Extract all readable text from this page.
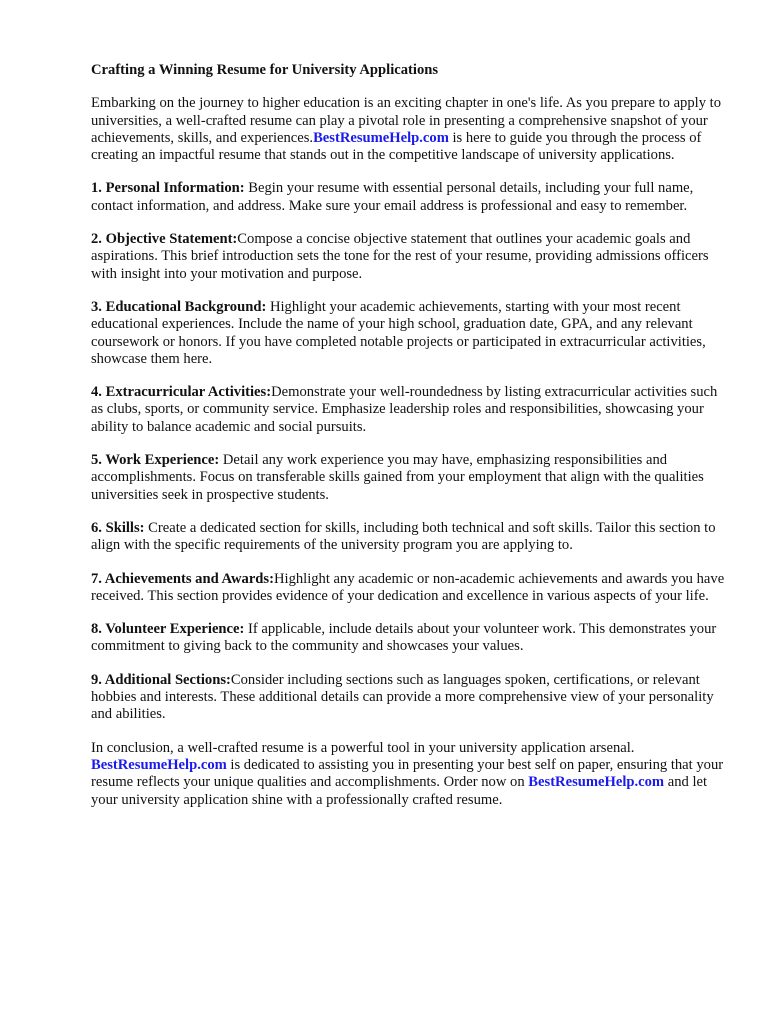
Crafting a Winning Resume for University Applications

Embarking on the journey to higher education is an exciting chapter in one's life. As you prepare to apply to universities, a well-crafted resume can play a pivotal role in presenting a comprehensive snapshot of your achievements, skills, and experiences.BestResumeHelp.com is here to guide you through the process of creating an impactful resume that stands out in the competitive landscape of university applications.

1. Personal Information: Begin your resume with essential personal details, including your full name, contact information, and address. Make sure your email address is professional and easy to remember.

2. Objective Statement:Compose a concise objective statement that outlines your academic goals and aspirations. This brief introduction sets the tone for the rest of your resume, providing admissions officers with insight into your motivation and purpose.

3. Educational Background: Highlight your academic achievements, starting with your most recent educational experiences. Include the name of your high school, graduation date, GPA, and any relevant coursework or honors. If you have completed notable projects or participated in extracurricular activities, showcase them here.

4. Extracurricular Activities:Demonstrate your well-roundedness by listing extracurricular activities such as clubs, sports, or community service. Emphasize leadership roles and responsibilities, showcasing your ability to balance academic and social pursuits.

5. Work Experience: Detail any work experience you may have, emphasizing responsibilities and accomplishments. Focus on transferable skills gained from your employment that align with the qualities universities seek in prospective students.

6. Skills: Create a dedicated section for skills, including both technical and soft skills. Tailor this section to align with the specific requirements of the university program you are applying to.

7. Achievements and Awards:Highlight any academic or non-academic achievements and awards you have received. This section provides evidence of your dedication and excellence in various aspects of your life.

8. Volunteer Experience: If applicable, include details about your volunteer work. This demonstrates your commitment to giving back to the community and showcases your values.

9. Additional Sections:Consider including sections such as languages spoken, certifications, or relevant hobbies and interests. These additional details can provide a more comprehensive view of your personality and abilities.

In conclusion, a well-crafted resume is a powerful tool in your university application arsenal. BestResumeHelp.com is dedicated to assisting you in presenting your best self on paper, ensuring that your resume reflects your unique qualities and accomplishments. Order now on BestResumeHelp.com and let your university application shine with a professionally crafted resume.
